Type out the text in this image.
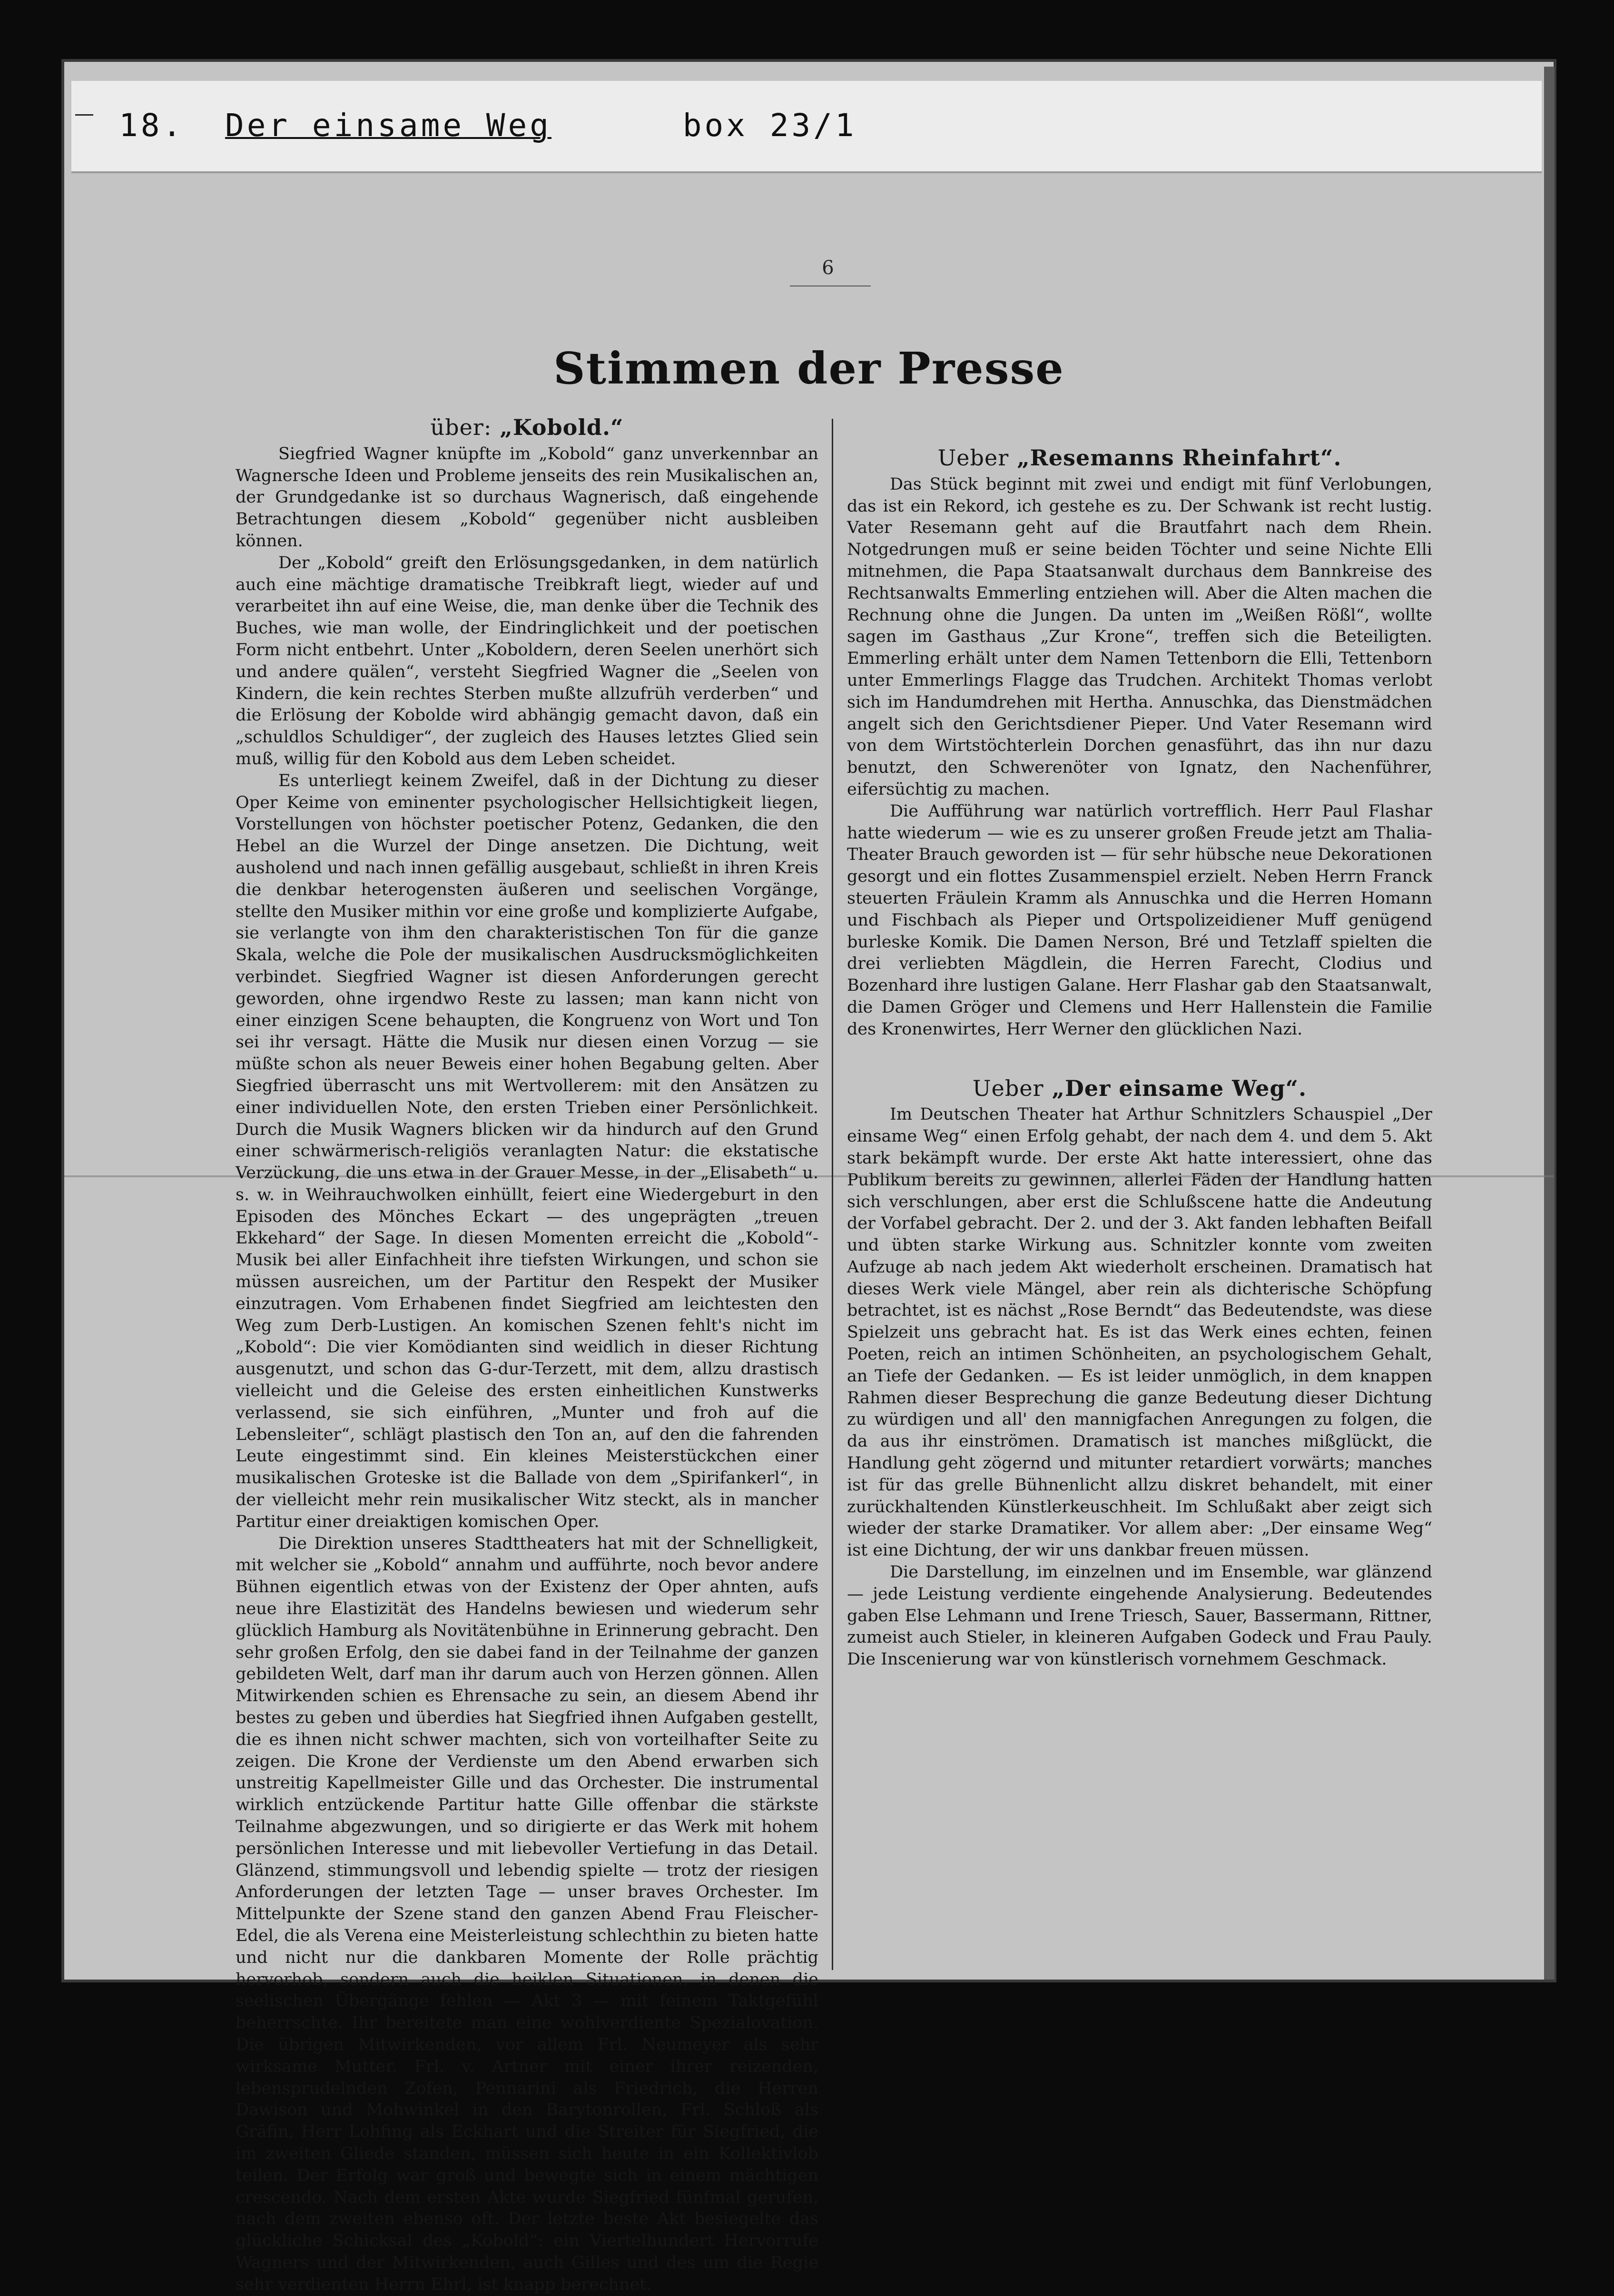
18. Der einsame Weg	box 23/1
6
Stimmen der Presse
über: „Kobold.“

Siegfried Wagner knüpfte im „Kobold“ ganz unverkennbar an Wagnersche Ideen und Probleme jenseits des rein Musikalischen an, der Grundgedanke ist so durchaus Wagnerisch, daß eingehende Betrachtungen diesem „Kobold“ gegenüber nicht ausbleiben können.

Der „Kobold“ greift den Erlösungsgedanken, in dem natürlich auch eine mächtige dramatische Treibkraft liegt, wieder auf und verarbeitet ihn auf eine Weise, die, man denke über die Technik des Buches, wie man wolle, der Eindringlichkeit und der poetischen Form nicht entbehrt. Unter „Koboldern, deren Seelen unerhört sich und andere quälen“, versteht Siegfried Wagner die „Seelen von Kindern, die kein rechtes Sterben mußte allzufrüh verderben“ und die Erlösung der Kobolde wird abhängig gemacht davon, daß ein „schuldlos Schuldiger“, der zugleich des Hauses letztes Glied sein muß, willig für den Kobold aus dem Leben scheidet.

Es unterliegt keinem Zweifel, daß in der Dichtung zu dieser Oper Keime von eminenter psychologischer Hellsichtigkeit liegen, Vorstellungen von höchster poetischer Potenz, Gedanken, die den Hebel an die Wurzel der Dinge ansetzen. Die Dichtung, weit ausholend und nach innen gefällig ausgebaut, schließt in ihren Kreis die denkbar heterogensten äußeren und seelischen Vorgänge, stellte den Musiker mithin vor eine große und komplizierte Aufgabe, sie verlangte von ihm den charakteristischen Ton für die ganze Skala, welche die Pole der musikalischen Ausdrucksmöglichkeiten verbindet. Siegfried Wagner ist diesen Anforderungen gerecht geworden, ohne irgendwo Reste zu lassen; man kann nicht von einer einzigen Scene behaupten, die Kongruenz von Wort und Ton sei ihr versagt. Hätte die Musik nur diesen einen Vorzug — sie müßte schon als neuer Beweis einer hohen Begabung gelten. Aber Siegfried überrascht uns mit Wertvollerem: mit den Ansätzen zu einer individuellen Note, den ersten Trieben einer Persönlichkeit. Durch die Musik Wagners blicken wir da hindurch auf den Grund einer schwärmerisch-religiös veranlagten Natur: die ekstatische Verzückung, die uns etwa in der Grauer Messe, in der „Elisabeth“ u. s. w. in Weihrauchwolken einhüllt, feiert eine Wiedergeburt in den Episoden des Mönches Eckart — des ungeprägten „treuen Ekkehard“ der Sage. In diesen Momenten erreicht die „Kobold“-Musik bei aller Einfachheit ihre tiefsten Wirkungen, und schon sie müssen ausreichen, um der Partitur den Respekt der Musiker einzutragen. Vom Erhabenen findet Siegfried am leichtesten den Weg zum Derb-Lustigen. An komischen Szenen fehlt's nicht im „Kobold“: Die vier Komödianten sind weidlich in dieser Richtung ausgenutzt, und schon das G-dur-Terzett, mit dem, allzu drastisch vielleicht und die Geleise des ersten einheitlichen Kunstwerks verlassend, sie sich einführen, „Munter und froh auf die Lebensleiter“, schlägt plastisch den Ton an, auf den die fahrenden Leute eingestimmt sind. Ein kleines Meisterstückchen einer musikalischen Groteske ist die Ballade von dem „Spirifankerl“, in der vielleicht mehr rein musikalischer Witz steckt, als in mancher Partitur einer dreiaktigen komischen Oper.

Die Direktion unseres Stadttheaters hat mit der Schnelligkeit, mit welcher sie „Kobold“ annahm und aufführte, noch bevor andere Bühnen eigentlich etwas von der Existenz der Oper ahnten, aufs neue ihre Elastizität des Handelns bewiesen und wiederum sehr glücklich Hamburg als Novitätenbühne in Erinnerung gebracht. Den sehr großen Erfolg, den sie dabei fand in der Teilnahme der ganzen gebildeten Welt, darf man ihr darum auch von Herzen gönnen. Allen Mitwirkenden schien es Ehrensache zu sein, an diesem Abend ihr bestes zu geben und überdies hat Siegfried ihnen Aufgaben gestellt, die es ihnen nicht schwer machten, sich von vorteilhafter Seite zu zeigen. Die Krone der Verdienste um den Abend erwarben sich unstreitig Kapellmeister Gille und das Orchester. Die instrumental wirklich entzückende Partitur hatte Gille offenbar die stärkste Teilnahme abgezwungen, und so dirigierte er das Werk mit hohem persönlichen Interesse und mit liebevoller Vertiefung in das Detail. Glänzend, stimmungsvoll und lebendig spielte — trotz der riesigen Anforderungen der letzten Tage — unser braves Orchester. Im Mittelpunkte der Szene stand den ganzen Abend Frau Fleischer-Edel, die als Verena eine Meisterleistung schlechthin zu bieten hatte und nicht nur die dankbaren Momente der Rolle prächtig hervorhob, sondern auch die heiklen Situationen, in denen die seelischen Übergänge fehlen — Akt 3 — mit feinem Taktgefühl beherrschte. Ihr bereitete man eine wohlverdiente Spezialovation. Die übrigen Mitwirkenden, vor allem Frl. Neumeyer als sehr wirksame Mutter. Frl. v. Artner mit einer ihrer reizenden, lebensprudelnden Zofen, Pennarini als Friedrich, die Herren Dawison und Mohwinkel in den Barytonrollen, Frl. Schloß als Gräfin, Herr Lohfing als Eckhart und die Streiter für Siegfried, die im zweiten Gliede standen, müssen sich heute in ein Kollektivlob teilen. Der Erfolg war groß und bewegte sich in einem mächtigen crescendo. Nach dem ersten Akte wurde Siegfried fünfmal gerufen, nach dem zweiten ebenso oft. Der letzte beste Akt besiegelte das glückliche Schicksal des „Kobold“: ein Viertelhundert Hervorrufe Wagners und der Mitwirkenden, auch Gilles und des um die Regie sehr verdienten Herrn Ehrl, ist knapp berechnet.

Ueber „Resemanns Rheinfahrt“.

Das Stück beginnt mit zwei und endigt mit fünf Verlobungen, das ist ein Rekord, ich gestehe es zu. Der Schwank ist recht lustig. Vater Resemann geht auf die Brautfahrt nach dem Rhein. Notgedrungen muß er seine beiden Töchter und seine Nichte Elli mitnehmen, die Papa Staatsanwalt durchaus dem Bannkreise des Rechtsanwalts Emmerling entziehen will. Aber die Alten machen die Rechnung ohne die Jungen. Da unten im „Weißen Rößl“, wollte sagen im Gasthaus „Zur Krone“, treffen sich die Beteiligten. Emmerling erhält unter dem Namen Tettenborn die Elli, Tettenborn unter Emmerlings Flagge das Trudchen. Architekt Thomas verlobt sich im Handumdrehen mit Hertha. Annuschka, das Dienstmädchen angelt sich den Gerichtsdiener Pieper. Und Vater Resemann wird von dem Wirtstöchterlein Dorchen genasführt, das ihn nur dazu benutzt, den Schwerenöter von Ignatz, den Nachenführer, eifersüchtig zu machen.

Die Aufführung war natürlich vortrefflich. Herr Paul Flashar hatte wiederum — wie es zu unserer großen Freude jetzt am Thalia-Theater Brauch geworden ist — für sehr hübsche neue Dekorationen gesorgt und ein flottes Zusammenspiel erzielt. Neben Herrn Franck steuerten Fräulein Kramm als Annuschka und die Herren Homann und Fischbach als Pieper und Ortspolizeidiener Muff genügend burleske Komik. Die Damen Nerson, Bré und Tetzlaff spielten die drei verliebten Mägdlein, die Herren Farecht, Clodius und Bozenhard ihre lustigen Galane. Herr Flashar gab den Staatsanwalt, die Damen Gröger und Clemens und Herr Hallenstein die Familie des Kronenwirtes, Herr Werner den glücklichen Nazi.

Ueber „Der einsame Weg“.

Im Deutschen Theater hat Arthur Schnitzlers Schauspiel „Der einsame Weg“ einen Erfolg gehabt, der nach dem 4. und dem 5. Akt stark bekämpft wurde. Der erste Akt hatte interessiert, ohne das Publikum bereits zu gewinnen, allerlei Fäden der Handlung hatten sich verschlungen, aber erst die Schlußscene hatte die Andeutung der Vorfabel gebracht. Der 2. und der 3. Akt fanden lebhaften Beifall und übten starke Wirkung aus. Schnitzler konnte vom zweiten Aufzuge ab nach jedem Akt wiederholt erscheinen. Dramatisch hat dieses Werk viele Mängel, aber rein als dichterische Schöpfung betrachtet, ist es nächst „Rose Berndt“ das Bedeutendste, was diese Spielzeit uns gebracht hat. Es ist das Werk eines echten, feinen Poeten, reich an intimen Schönheiten, an psychologischem Gehalt, an Tiefe der Gedanken. — Es ist leider unmöglich, in dem knappen Rahmen dieser Besprechung die ganze Bedeutung dieser Dichtung zu würdigen und all' den mannigfachen Anregungen zu folgen, die da aus ihr einströmen. Dramatisch ist manches mißglückt, die Handlung geht zögernd und mitunter retardiert vorwärts; manches ist für das grelle Bühnenlicht allzu diskret behandelt, mit einer zurückhaltenden Künstlerkeuschheit. Im Schlußakt aber zeigt sich wieder der starke Dramatiker. Vor allem aber: „Der einsame Weg“ ist eine Dichtung, der wir uns dankbar freuen müssen.

Die Darstellung, im einzelnen und im Ensemble, war glänzend — jede Leistung verdiente eingehende Analysierung. Bedeutendes gaben Else Lehmann und Irene Triesch, Sauer, Bassermann, Rittner, zumeist auch Stieler, in kleineren Aufgaben Godeck und Frau Pauly. Die Inscenierung war von künstlerisch vornehmem Geschmack.
